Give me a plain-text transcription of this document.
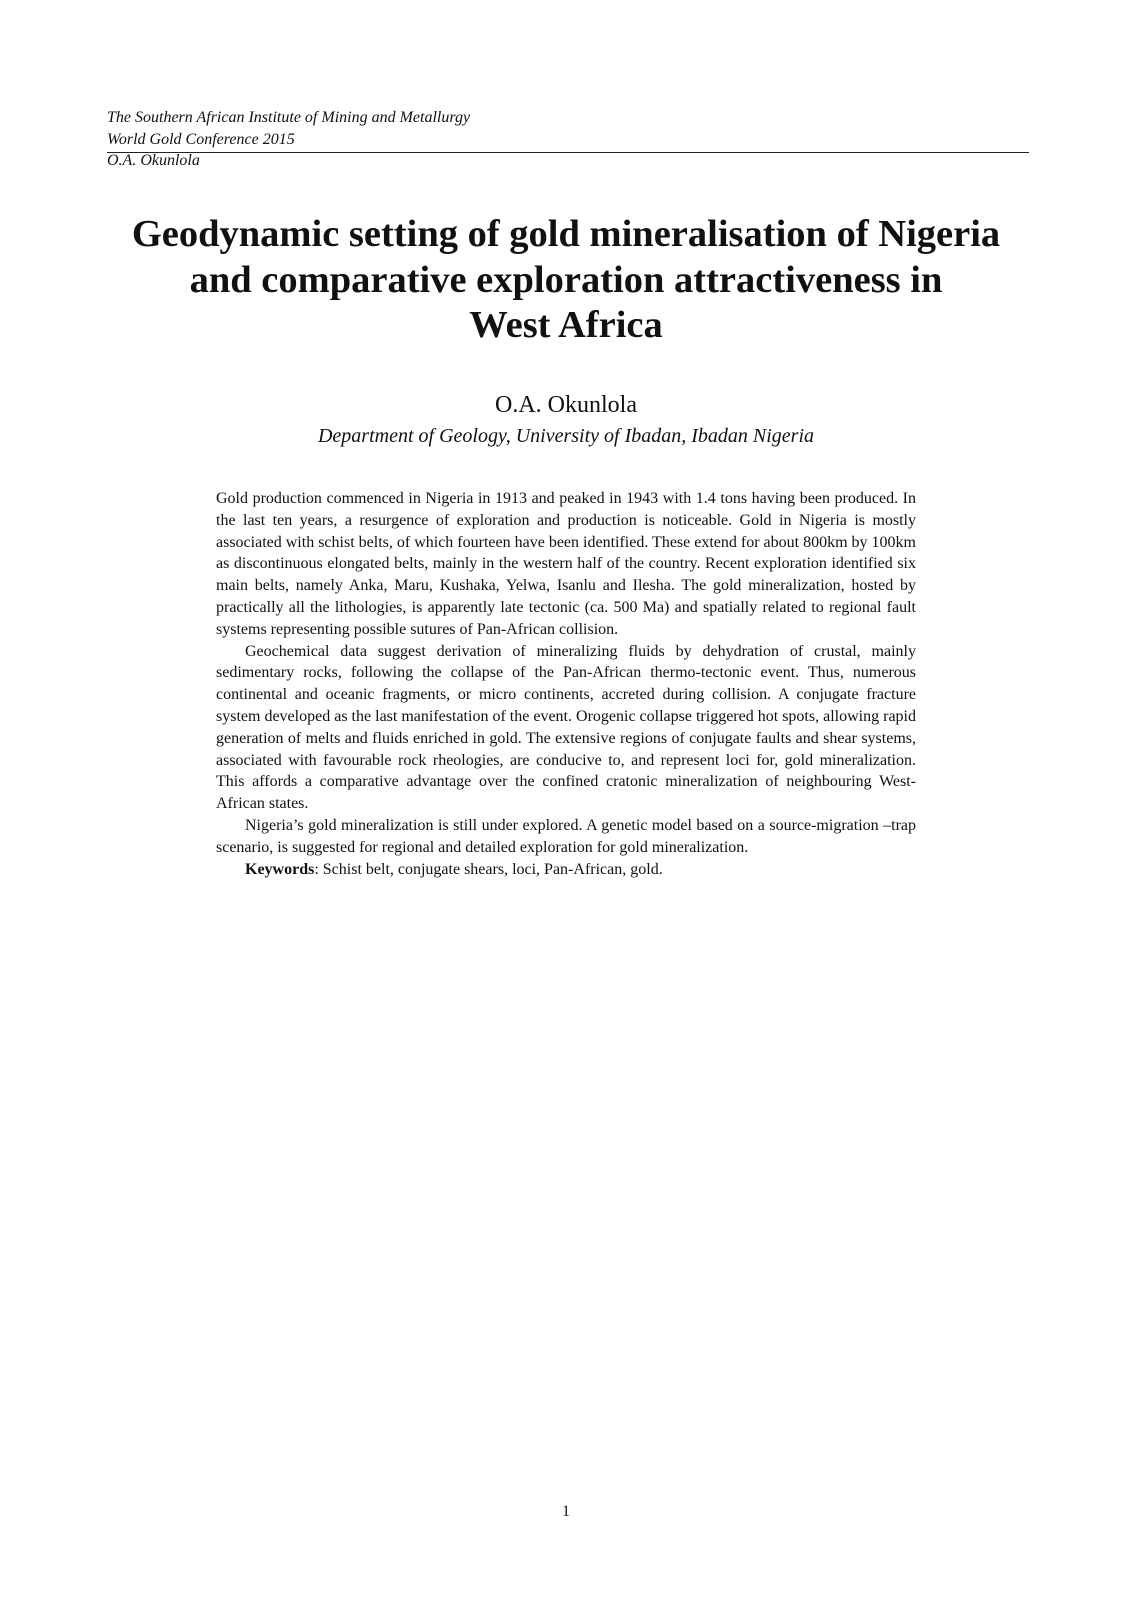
The Southern African Institute of Mining and Metallurgy
World Gold Conference 2015
O.A. Okunlola
Geodynamic setting of gold mineralisation of Nigeria
and comparative exploration attractiveness in
West Africa
O.A. Okunlola
Department of Geology, University of Ibadan, Ibadan Nigeria

Gold production commenced in Nigeria in 1913 and peaked in 1943 with 1.4 tons having been produced. In the last ten years, a resurgence of exploration and production is noticeable. Gold in Nigeria is mostly associated with schist belts, of which fourteen have been identified. These extend for about 800km by 100km as discontinuous elongated belts, mainly in the western half of the country. Recent exploration identified six main belts, namely Anka, Maru, Kushaka, Yelwa, Isanlu and Ilesha. The gold mineralization, hosted by practically all the lithologies, is apparently late tectonic (ca. 500 Ma) and spatially related to regional fault systems representing possible sutures of Pan-African collision.

Geochemical data suggest derivation of mineralizing fluids by dehydration of crustal, mainly sedimentary rocks, following the collapse of the Pan-African thermo-tectonic event. Thus, numerous continental and oceanic fragments, or micro continents, accreted during collision. A conjugate fracture system developed as the last manifestation of the event. Orogenic collapse triggered hot spots, allowing rapid generation of melts and fluids enriched in gold. The extensive regions of conjugate faults and shear systems, associated with favourable rock rheologies, are conducive to, and represent loci for, gold mineralization. This affords a comparative advantage over the confined cratonic mineralization of neighbouring West-African states.

Nigeria’s gold mineralization is still under explored. A genetic model based on a source-migration –trap scenario, is suggested for regional and detailed exploration for gold mineralization.

Keywords: Schist belt, conjugate shears, loci, Pan-African, gold.

1
